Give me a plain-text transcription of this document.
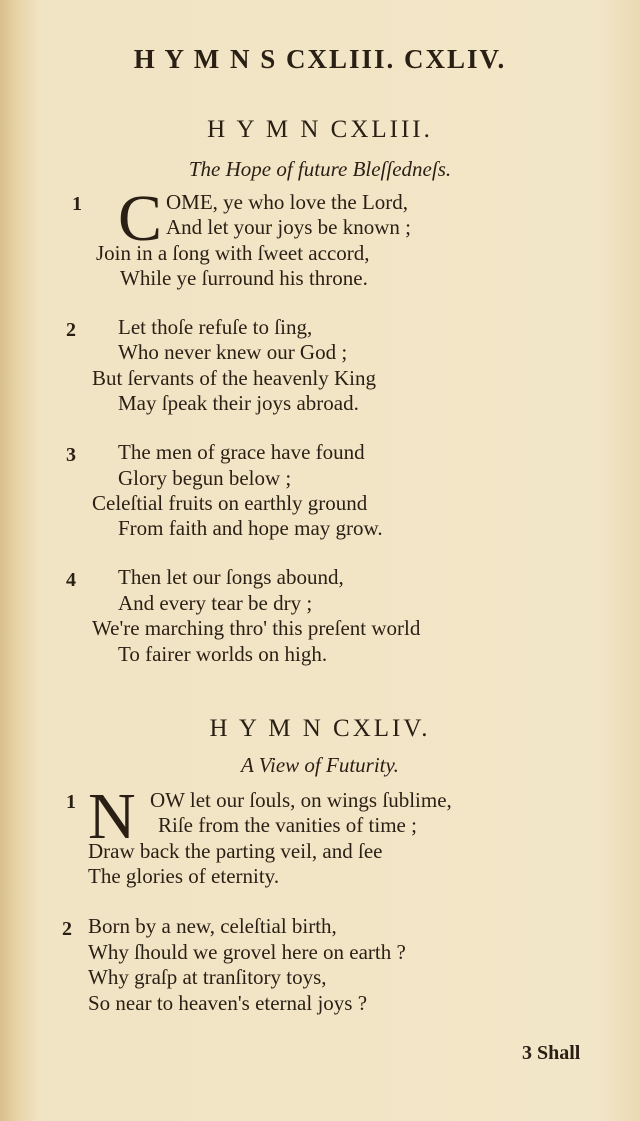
H Y M N S CXLIII. CXLIV.
H Y M N CXLIII.
The Hope of future Bleſſedneſs.
1 C OME, ye who love the Lord,
And let your joys be known ;
Join in a ſong with ſweet accord,
While ye ſurround his throne.
2 Let thoſe refuſe to ſing,
Who never knew our God ;
But ſervants of the heavenly King
May ſpeak their joys abroad.
3 The men of grace have found
Glory begun below ;
Celeſtial fruits on earthly ground
From faith and hope may grow.
4 Then let our ſongs abound,
And every tear be dry ;
We're marching thro' this preſent world
To fairer worlds on high.
H Y M N CXLIV.
A View of Futurity.
1 N OW let our ſouls, on wings ſublime,
Riſe from the vanities of time ;
Draw back the parting veil, and ſee
The glories of eternity.
2 Born by a new, celeſtial birth,
Why ſhould we grovel here on earth ?
Why graſp at tranſitory toys,
So near to heaven's eternal joys ?
3 Shall
